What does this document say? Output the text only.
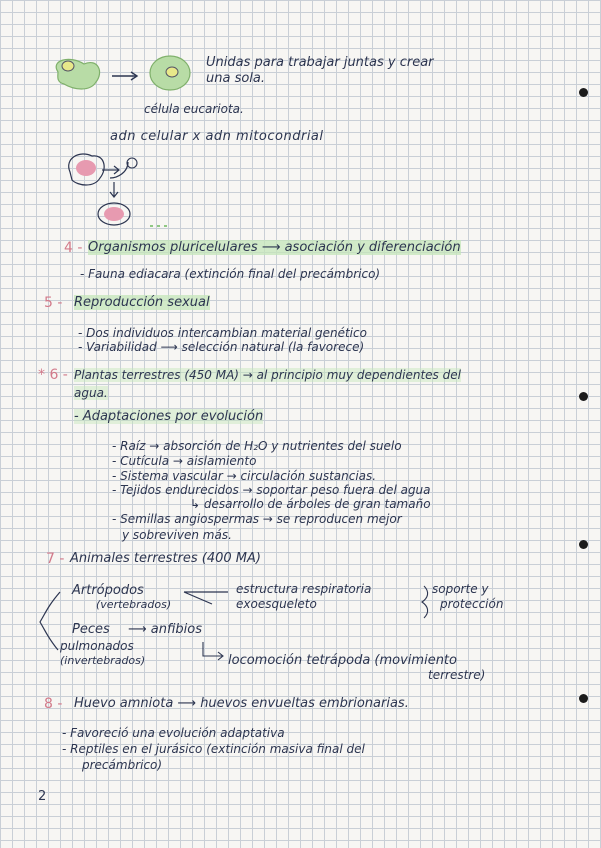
Unidas para trabajar juntas y crear
una sola.
célula eucariota.
adn celular x adn mitocondrial
4 - Organismos pluricelulares ⟶ asociación y diferenciación
- Fauna ediacara (extinción final del precámbrico)
5 - Reproducción sexual
- Dos individuos intercambian material genético
- Variabilidad ⟶ selección natural (la favorece)
* 6 - Plantas terrestres (450 MA) → al principio muy dependientes del
agua.
- Adaptaciones por evolución
- Raíz → absorción de H₂O y nutrientes del suelo
- Cutícula → aislamiento
- Sistema vascular → circulación sustancias.
- Tejidos endurecidos → soportar peso fuera del agua
↳ desarrollo de árboles de gran tamaño
- Semillas angiospermas → se reproducen mejor
y sobreviven más.
7 - Animales terrestres (400 MA)
Artrópodos
(vertebrados)
estructura respiratoria
exoesqueleto
soporte y
protección
Peces ⟶ anfibios
pulmonados
(invertebrados)	locomoción tetrápoda (movimiento
terrestre)
8 - Huevo amniota ⟶ huevos envueltas embrionarias.
- Favoreció una evolución adaptativa
- Reptiles en el jurásico (extinción masiva final del
precámbrico)
2
